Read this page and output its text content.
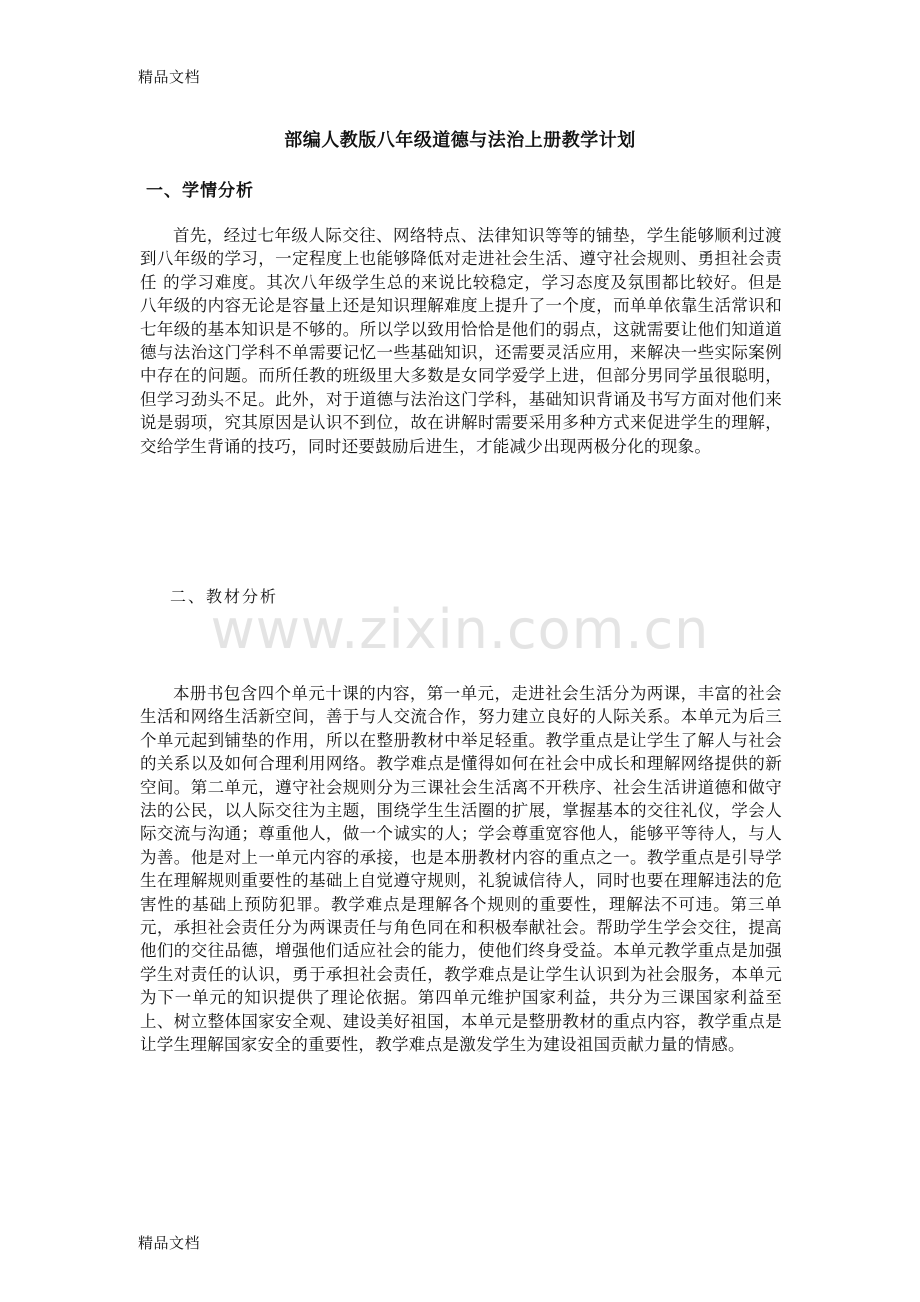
精品文档
部编人教版八年级道德与法治上册教学计划
一、学情分析

首先，经过七年级人际交往、网络特点、法律知识等等的铺垫，学生能够顺利过渡到八年级的学习，一定程度上也能够降低对走进社会生活、遵守社会规则、勇担社会责任 的学习难度。其次八年级学生总的来说比较稳定，学习态度及氛围都比较好。但是八年级的内容无论是容量上还是知识理解难度上提升了一个度，而单单依靠生活常识和七年级的基本知识是不够的。所以学以致用恰恰是他们的弱点，这就需要让他们知道道德与法治这门学科不单需要记忆一些基础知识，还需要灵活应用，来解决一些实际案例中存在的问题。而所任教的班级里大多数是女同学爱学上进，但部分男同学虽很聪明，但学习劲头不足。此外，对于道德与法治这门学科，基础知识背诵及书写方面对他们来说是弱项，究其原因是认识不到位，故在讲解时需要采用多种方式来促进学生的理解，交给学生背诵的技巧，同时还要鼓励后进生，才能减少出现两极分化的现象。

二、教材分析
www.zixin.com.cn

本册书包含四个单元十课的内容，第一单元，走进社会生活分为两课，丰富的社会生活和网络生活新空间，善于与人交流合作，努力建立良好的人际关系。本单元为后三个单元起到铺垫的作用，所以在整册教材中举足轻重。教学重点是让学生了解人与社会的关系以及如何合理利用网络。教学难点是懂得如何在社会中成长和理解网络提供的新空间。第二单元，遵守社会规则分为三课社会生活离不开秩序、社会生活讲道德和做守法的公民，以人际交往为主题，围绕学生生活圈的扩展，掌握基本的交往礼仪，学会人际交流与沟通；尊重他人，做一个诚实的人；学会尊重宽容他人，能够平等待人，与人为善。他是对上一单元内容的承接，也是本册教材内容的重点之一。教学重点是引导学生在理解规则重要性的基础上自觉遵守规则，礼貌诚信待人，同时也要在理解违法的危害性的基础上预防犯罪。教学难点是理解各个规则的重要性，理解法不可违。第三单元，承担社会责任分为两课责任与角色同在和积极奉献社会。帮助学生学会交往，提高他们的交往品德，增强他们适应社会的能力，使他们终身受益。本单元教学重点是加强学生对责任的认识，勇于承担社会责任，教学难点是让学生认识到为社会服务，本单元为下一单元的知识提供了理论依据。第四单元维护国家利益，共分为三课国家利益至上、树立整体国家安全观、建设美好祖国，本单元是整册教材的重点内容，教学重点是让学生理解国家安全的重要性，教学难点是激发学生为建设祖国贡献力量的情感。

精品文档
